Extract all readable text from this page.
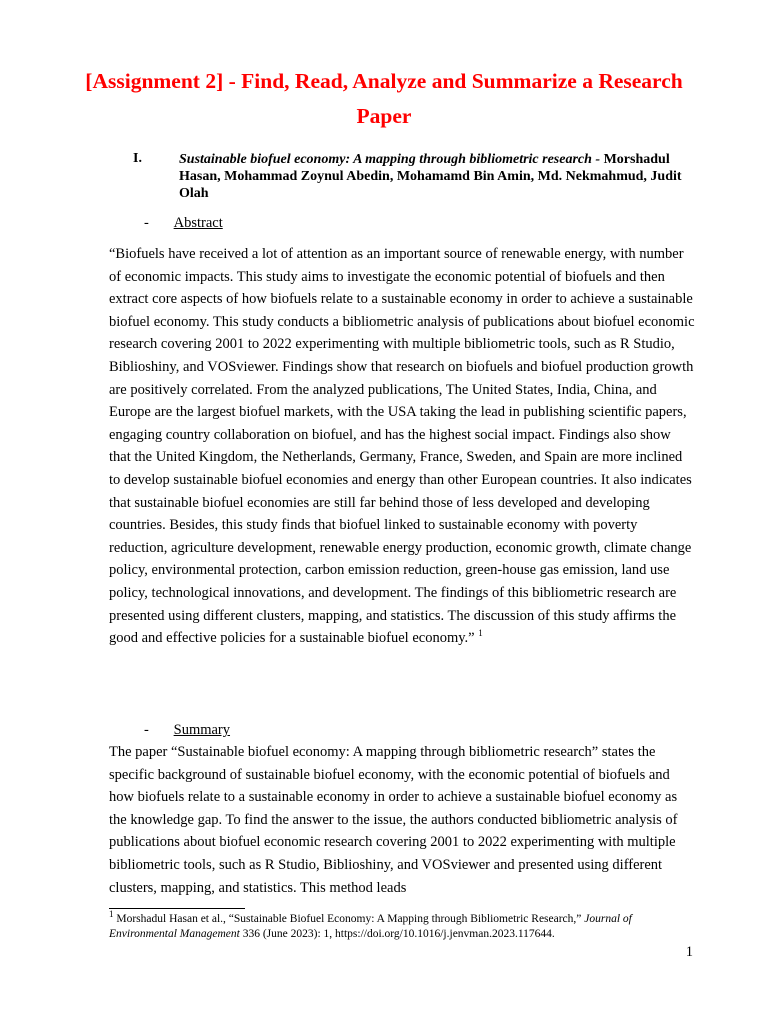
[Assignment 2] - Find, Read, Analyze and Summarize a Research Paper
I.	Sustainable biofuel economy: A mapping through bibliometric research - Morshadul Hasan, Mohammad Zoynul Abedin, Mohamamd Bin Amin, Md. Nekmahmud, Judit Olah
- Abstract
“Biofuels have received a lot of attention as an important source of renewable energy, with number of economic impacts. This study aims to investigate the economic potential of biofuels and then extract core aspects of how biofuels relate to a sustainable economy in order to achieve a sustainable biofuel economy. This study conducts a bibliometric analysis of publications about biofuel economic research covering 2001 to 2022 experimenting with multiple bibliometric tools, such as R Studio, Biblioshiny, and VOSviewer. Findings show that research on biofuels and biofuel production growth are positively correlated. From the analyzed publications, The United States, India, China, and Europe are the largest biofuel markets, with the USA taking the lead in publishing scientific papers, engaging country collaboration on biofuel, and has the highest social impact. Findings also show that the United Kingdom, the Netherlands, Germany, France, Sweden, and Spain are more inclined to develop sustainable biofuel economies and energy than other European countries. It also indicates that sustainable biofuel economies are still far behind those of less developed and developing countries. Besides, this study finds that biofuel linked to sustainable economy with poverty reduction, agriculture development, renewable energy production, economic growth, climate change policy, environmental protection, carbon emission reduction, green-house gas emission, land use policy, technological innovations, and development. The findings of this bibliometric research are presented using different clusters, mapping, and statistics. The discussion of this study affirms the good and effective policies for a sustainable biofuel economy.” $^1$
- Summary
The paper “Sustainable biofuel economy: A mapping through bibliometric research” states the specific background of sustainable biofuel economy, with the economic potential of biofuels and how biofuels relate to a sustainable economy in order to achieve a sustainable biofuel economy as the knowledge gap. To find the answer to the issue, the authors conducted bibliometric analysis of publications about biofuel economic research covering 2001 to 2022 experimenting with multiple bibliometric tools, such as R Studio, Biblioshiny, and VOSviewer and presented using different clusters, mapping, and statistics. This method leads
$^1$ Morshadul Hasan et al., “Sustainable Biofuel Economy: A Mapping through Bibliometric Research,” Journal of Environmental Management 336 (June 2023): 1, https://doi.org/10.1016/j.jenvman.2023.117644.
1
